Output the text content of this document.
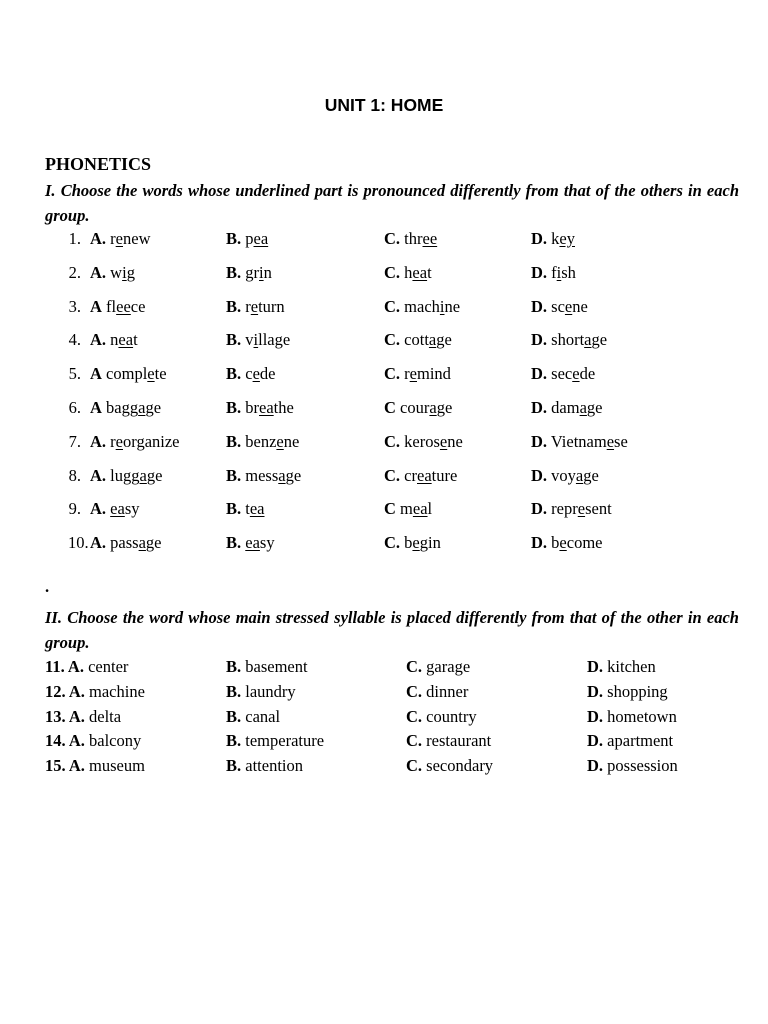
UNIT 1: HOME
PHONETICS
I. Choose the words whose underlined part is pronounced differently from that of the others in each group.
1. A. renew	B. pea	C. three	D. key
2. A. wig	B. grin	C. heat	D. fish
3. A fleece	B. return	C. machine	D. scene
4. A. neat	B. village	C. cottage	D. shortage
5. A complete	B. cede	C. remind	D. secede
6. A baggage	B. breathe	C courage	D. damage
7. A. reorganize	B. benzene	C. kerosene	D. Vietnamese
8. A. luggage	B. message	C. creature	D. voyage
9. A. easy	B. tea	C meal	D. represent
10. A. passage	B. easy	C. begin	D. become
.
II. Choose the word whose main stressed syllable is placed differently from that of the other in each group.
11. A. center	B. basement	C. garage	D. kitchen
12. A. machine	B. laundry	C. dinner	D. shopping
13. A. delta	B. canal	C. country	D. hometown
14. A. balcony	B. temperature	C. restaurant	D. apartment
15. A. museum	B. attention	C. secondary	D. possession
